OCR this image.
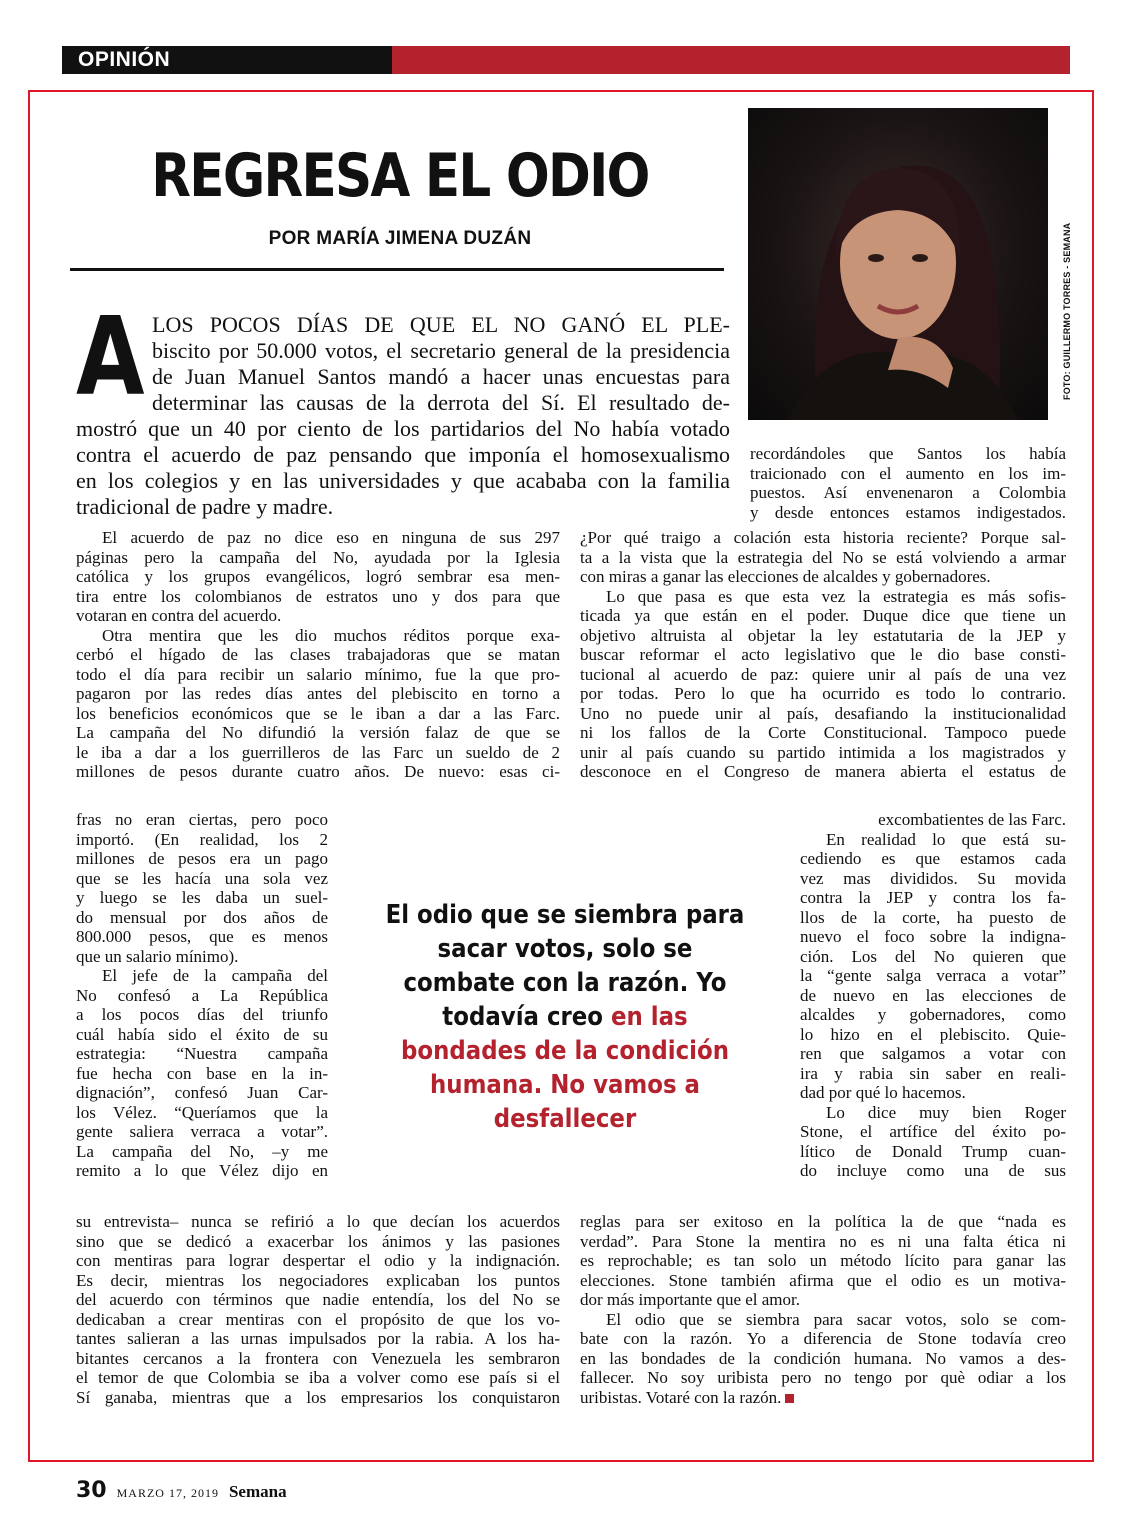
OPINIÓN
REGRESA EL ODIO
POR MARÍA JIMENA DUZÁN	FOTO: GUILLERMO TORRES - SEMANA
A LOS POCOS DÍAS DE QUE EL NO GANÓ EL PLE-
biscito por 50.000 votos, el secretario general de la presidencia
de Juan Manuel Santos mandó a hacer unas encuestas para
determinar las causas de la derrota del Sí. El resultado de-
mostró que un 40 por ciento de los partidarios del No había votado
contra el acuerdo de paz pensando que imponía el homosexualismo
en los colegios y en las universidades y que acababa con la familia
tradicional de padre y madre.
El acuerdo de paz no dice eso en ninguna de sus 297
páginas pero la campaña del No, ayudada por la Iglesia
católica y los grupos evangélicos, logró sembrar esa men-
tira entre los colombianos de estratos uno y dos para que
votaran en contra del acuerdo.
Otra mentira que les dio muchos réditos porque exa-
cerbó el hígado de las clases trabajadoras que se matan
todo el día para recibir un salario mínimo, fue la que pro-
pagaron por las redes días antes del plebiscito en torno a
los beneficios económicos que se le iban a dar a las Farc.
La campaña del No difundió la versión falaz de que se
le iba a dar a los guerrilleros de las Farc un sueldo de 2
millones de pesos durante cuatro años. De nuevo: esas ci-
fras no eran ciertas, pero poco
importó. (En realidad, los 2
millones de pesos era un pago
que se les hacía una sola vez
y luego se les daba un suel-
do mensual por dos años de
800.000 pesos, que es menos
que un salario mínimo).
El jefe de la campaña del
No confesó a La República
a los pocos días del triunfo
cuál había sido el éxito de su
estrategia: “Nuestra campaña
fue hecha con base en la in-
dignación”, confesó Juan Car-
los Vélez. “Queríamos que la
gente saliera verraca a votar”.
La campaña del No, –y me
remito a lo que Vélez dijo en
su entrevista– nunca se refirió a lo que decían los acuerdos
sino que se dedicó a exacerbar los ánimos y las pasiones
con mentiras para lograr despertar el odio y la indignación.
Es decir, mientras los negociadores explicaban los puntos
del acuerdo con términos que nadie entendía, los del No se
dedicaban a crear mentiras con el propósito de que los vo-
tantes salieran a las urnas impulsados por la rabia. A los ha-
bitantes cercanos a la frontera con Venezuela les sembraron
el temor de que Colombia se iba a volver como ese país si el
Sí ganaba, mientras que a los empresarios los conquistaron
recordándoles que Santos los había
traicionado con el aumento en los im-
puestos. Así envenenaron a Colombia
y desde entonces estamos indigestados.
¿Por qué traigo a colación esta historia reciente? Porque sal-
ta a la vista que la estrategia del No se está volviendo a armar
con miras a ganar las elecciones de alcaldes y gobernadores.
Lo que pasa es que esta vez la estrategia es más sofis-
ticada ya que están en el poder. Duque dice que tiene un
objetivo altruista al objetar la ley estatutaria de la JEP y
buscar reformar el acto legislativo que le dio base consti-
tucional al acuerdo de paz: quiere unir al país de una vez
por todas. Pero lo que ha ocurrido es todo lo contrario.
Uno no puede unir al país, desafiando la institucionalidad
ni los fallos de la Corte Constitucional. Tampoco puede
unir al país cuando su partido intimida a los magistrados y
desconoce en el Congreso de manera abierta el estatus de
excombatientes de las Farc.
En realidad lo que está su-
cediendo es que estamos cada
vez mas divididos. Su movida
contra la JEP y contra los fa-
llos de la corte, ha puesto de
nuevo el foco sobre la indigna-
ción. Los del No quieren que
la “gente salga verraca a votar”
de nuevo en las elecciones de
alcaldes y gobernadores, como
lo hizo en el plebiscito. Quie-
ren que salgamos a votar con
ira y rabia sin saber en reali-
dad por qué lo hacemos.
Lo dice muy bien Roger
Stone, el artífice del éxito po-
lítico de Donald Trump cuan-
do incluye como una de sus
reglas para ser exitoso en la política la de que “nada es
verdad”. Para Stone la mentira no es ni una falta ética ni
es reprochable; es tan solo un método lícito para ganar las
elecciones. Stone también afirma que el odio es un motiva-
dor más importante que el amor.
El odio que se siembra para sacar votos, solo se com-
bate con la razón. Yo a diferencia de Stone todavía creo
en las bondades de la condición humana. No vamos a des-
fallecer. No soy uribista pero no tengo por què odiar a los
uribistas. Votaré con la razón.
El odio que se siembra para sacar votos, solo se combate con la razón. Yo todavía creo en las bondades de la condición humana. No vamos a desfallecer
30 MARZO 17, 2019 Semana
